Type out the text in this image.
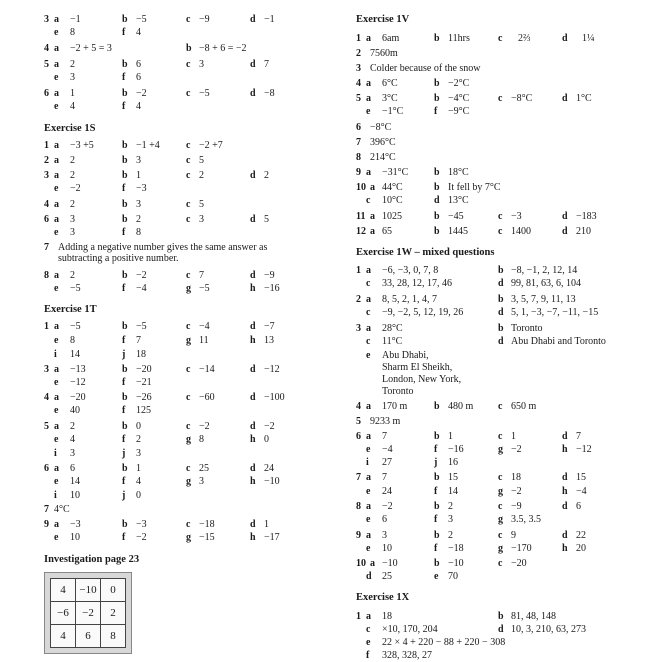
Exercise 1S
Exercise 1T
Investigation page 23
3 a −1	b −5	c −9	d −1
e 8	f 4
4 a −2 + 5 = 3	b −8 + 6 = −2
5 a 2	b 6	c 3	d 7
e 3	f 6
6 a 1	b −2	c −5	d −8
e 4	f 4
1 a −3 +5	b −1 +4	c −2 +7
2 a 2	b 3	c 5
3 a 2	b 1	c 2	d 2
e −2	f −3
4 a 2	b 3	c 5
6 a 3	b 2	c 3	d 5
e 3	f 8
8 a 2	b −2	c 7	d −9
e −5	f −4	g −5	h −16
1 a −5	b −5	c −4	d −7
e 8	f 7	g 11	h 13
i 14	j 18
3 a −13	b −20	c −14	d −12
e −12	f −21
4 a −20	b −26	c −60	d −100
e 40	f 125
5 a 2	b 0	c −2	d −2
e 4	f 2	g 8	h 0
i 3	j 3
6 a 6	b 1	c 25	d 24
e 14	f 4	g 3	h −10
i 10	j 0
7 4°C
9 a −3	b −3	c −18	d 1
e 10	f −2	g −15	h −17
7 Adding a negative number gives the same answer as subtracting a positive number.
4	−10	0
−6	−2	2
4	6	8
Exercise 1V
Exercise 1W – mixed questions
Exercise 1X
1 a 6am	b 11hrs	c 2⅔	d 1¼
2 7560m
3 Colder because of the snow
4 a 6°C	b −2°C
5 a 3°C	b −4°C	c −8°C	d 1°C
e −1°C	f −9°C
6 −8°C
7 396°C
8 214°C
9 a −31°C	b 18°C
10 a 44°C	b It fell by 7°C
c 10°C	d 13°C
11 a 1025	b −45	c −3	d −183
12 a 65	b 1445	c 1400	d 210
1 a −6, −3, 0, 7, 8	b −8, −1, 2, 12, 14
c 33, 28, 12, 17, 46	d 99, 81, 63, 6, 104
2 a 8, 5, 2, 1, 4, 7	b 3, 5, 7, 9, 11, 13
c −9, −2, 5, 12, 19, 26	d 5, 1, −3, −7, −11, −15
3 a 28°C	b Toronto
c 11°C	d Abu Dhabi and Toronto
e Abu Dhabi,
Sharm El Sheikh,
London, New York,
Toronto
4 a 170 m	b 480 m c 650 m
5 9233 m
6 a 7	b 1	c 1	d 7
e −4	f −16	g −2	h −12
i 27	j 16
7 a 7	b 15	c 18	d 15
e 24	f 14	g −2	h −4
8 a −2	b 2	c −9	d 6
e 6	f 3	g 3.5, 3.5
9 a 3	b 2	c 9	d 22
e 10	f −18	g −170	h 20
10 a −10	b −10	c −20
d 25	e 70
1 a 18	b 81, 48, 148
c ×10, 170, 204	d 10, 3, 210, 63, 273
e 22 × 4 + 220 − 88 + 220 − 308
f 328, 328, 27
